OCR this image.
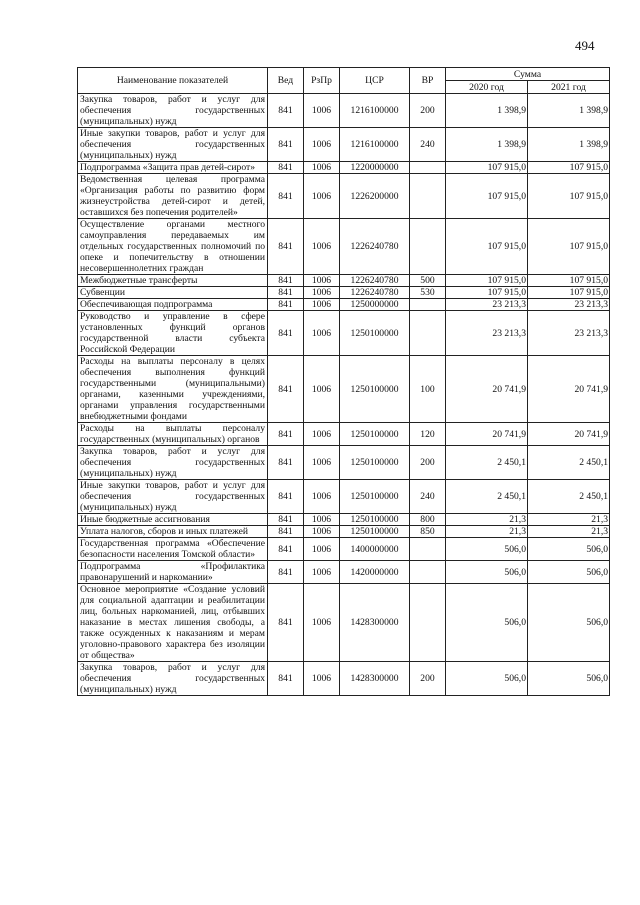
494
Наименование показателей	Вед	РзПр	ЦСР	ВР	Сумма	
					2020 год	2021 год
Закупка товаров, работ и услуг для обеспечения государственных (муниципальных) нужд	841	1006	1216100000	200	1 398,9	1 398,9
Иные закупки товаров, работ и услуг для обеспечения государственных (муниципальных) нужд	841	1006	1216100000	240	1 398,9	1 398,9
Подпрограмма «Защита прав детей-сирот»	841	1006	1220000000		107 915,0	107 915,0
Ведомственная целевая программа «Организация работы по развитию форм жизнеустройства детей-сирот и детей, оставшихся без попечения родителей»	841	1006	1226200000		107 915,0	107 915,0
Осуществление органами местного самоуправления передаваемых им отдельных государственных полномочий по опеке и попечительству в отношении несовершеннолетних граждан	841	1006	1226240780		107 915,0	107 915,0
Межбюджетные трансферты	841	1006	1226240780	500	107 915,0	107 915,0
Субвенции	841	1006	1226240780	530	107 915,0	107 915,0
Обеспечивающая подпрограмма	841	1006	1250000000		23 213,3	23 213,3
Руководство и управление в сфере установленных функций органов государственной власти субъекта Российской Федерации	841	1006	1250100000		23 213,3	23 213,3
Расходы на выплаты персоналу в целях обеспечения выполнения функций государственными (муниципальными) органами, казенными учреждениями, органами управления государственными внебюджетными фондами	841	1006	1250100000	100	20 741,9	20 741,9
Расходы на выплаты персоналу государственных (муниципальных) органов	841	1006	1250100000	120	20 741,9	20 741,9
Закупка товаров, работ и услуг для обеспечения государственных (муниципальных) нужд	841	1006	1250100000	200	2 450,1	2 450,1
Иные закупки товаров, работ и услуг для обеспечения государственных (муниципальных) нужд	841	1006	1250100000	240	2 450,1	2 450,1
Иные бюджетные ассигнования	841	1006	1250100000	800	21,3	21,3
Уплата налогов, сборов и иных платежей	841	1006	1250100000	850	21,3	21,3
Государственная программа «Обеспечение безопасности населения Томской области»	841	1006	1400000000		506,0	506,0
Подпрограмма «Профилактика правонарушений и наркомании»	841	1006	1420000000		506,0	506,0
Основное мероприятие «Создание условий для социальной адаптации и реабилитации лиц, больных наркоманией, лиц, отбывших наказание в местах лишения свободы, а также осужденных к наказаниям и мерам уголовно-правового характера без изоляции от общества»	841	1006	1428300000		506,0	506,0
Закупка товаров, работ и услуг для обеспечения государственных (муниципальных) нужд	841	1006	1428300000	200	506,0	506,0
